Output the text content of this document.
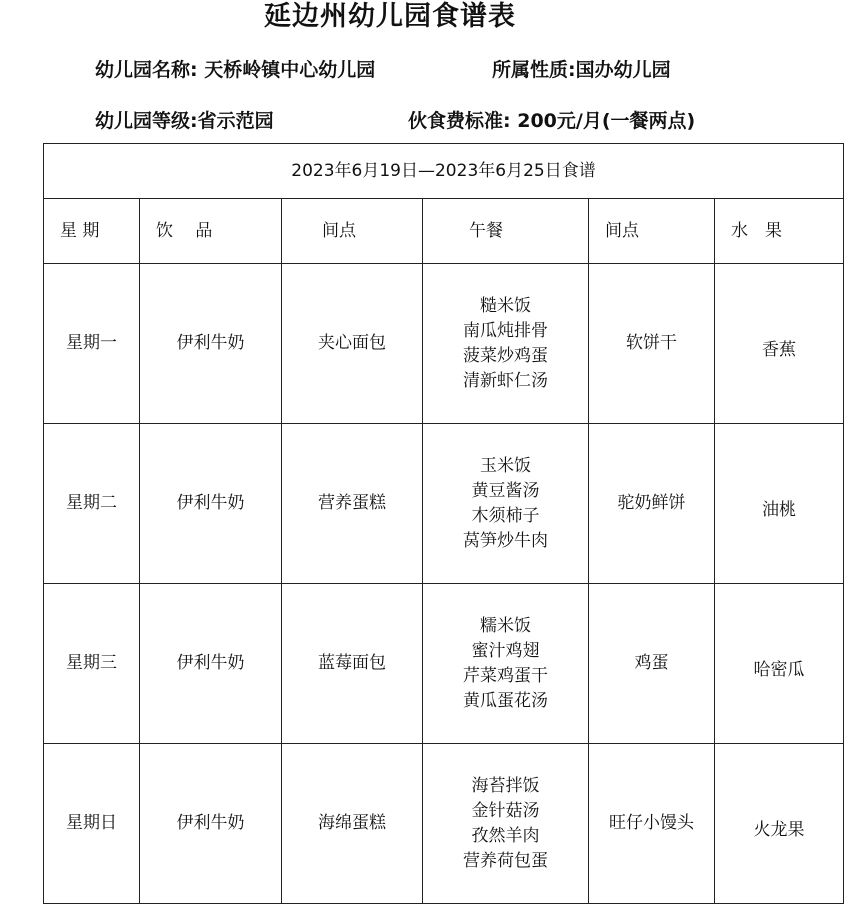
延边州幼儿园食谱表
幼儿园名称: 天桥岭镇中心幼儿园	所属性质:国办幼儿园
幼儿园等级:省示范园	伙食费标准: 200元/月(一餐两点)
2023年6月19日—2023年6月25日食谱					
星 期	饮　 品	间点	午餐	间点	水　果
星期一	伊利牛奶	夹心面包	糙米饭
南瓜炖排骨
菠菜炒鸡蛋
清新虾仁汤	软饼干	香蕉
星期二	伊利牛奶	营养蛋糕	玉米饭
黄豆酱汤
木须柿子
莴笋炒牛肉	驼奶鲜饼	油桃
星期三	伊利牛奶	蓝莓面包	糯米饭
蜜汁鸡翅
芹菜鸡蛋干
黄瓜蛋花汤	鸡蛋	哈密瓜
星期日	伊利牛奶	海绵蛋糕	海苔拌饭
金针菇汤
孜然羊肉
营养荷包蛋	旺仔小馒头	火龙果
